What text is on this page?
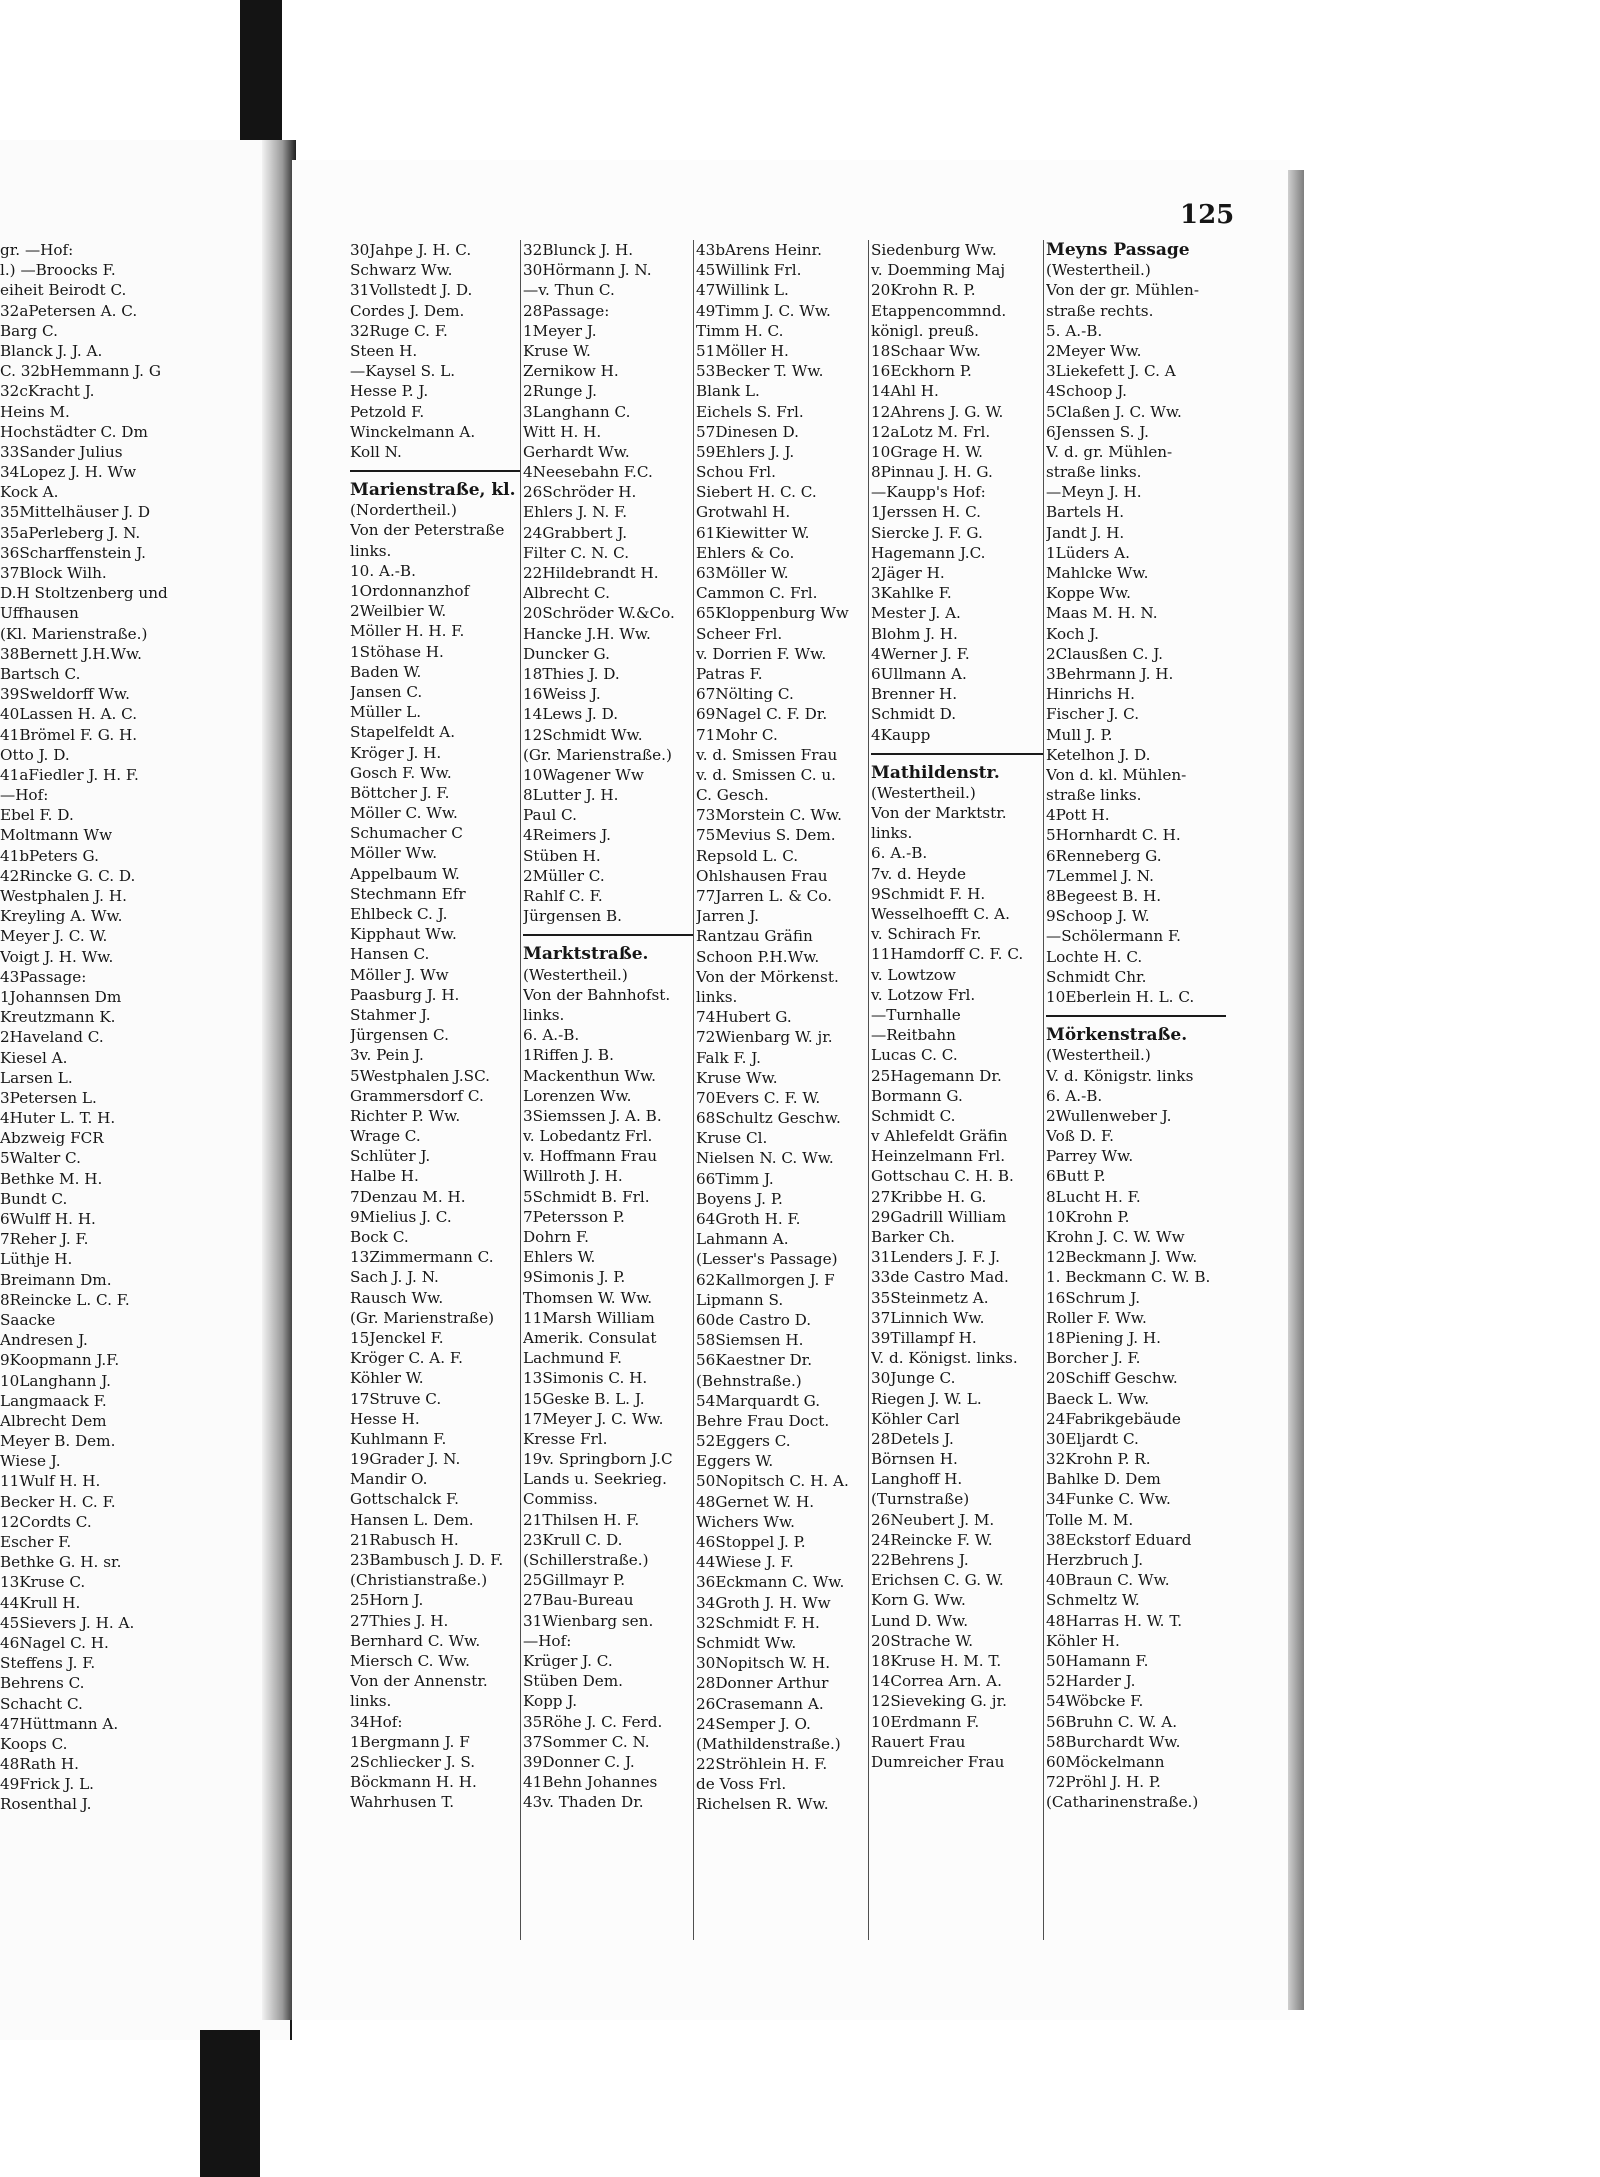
gr. —Hof:
l.) —Broocks F.
eiheit Beirodt C.
32aPetersen A. C.
Barg C.
Blanck J. J. A.
C. 32bHemmann J. G
32cKracht J.
Heins M.
Hochstädter C. Dm
33Sander Julius
34Lopez J. H. Ww
Kock A.
35Mittelhäuser J. D
35aPerleberg J. N.
36Scharffenstein J.
37Block Wilh.
D.H Stoltzenberg und
Uffhausen
(Kl. Marienstraße.)
38Bernett J.H.Ww.
Bartsch C.
39Sweldorff Ww.
40Lassen H. A. C.
41Brömel F. G. H.
Otto J. D.
41aFiedler J. H. F.
—Hof:
Ebel F. D.
Moltmann Ww
41bPeters G.
42Rincke G. C. D.
Westphalen J. H.
Kreyling A. Ww.
Meyer J. C. W.
Voigt J. H. Ww.
43Passage:
1Johannsen Dm
Kreutzmann K.
2Haveland C.
Kiesel A.
Larsen L.
3Petersen L.
4Huter L. T. H.
Abzweig FCR
5Walter C.
Bethke M. H.
Bundt C.
6Wulff H. H.
7Reher J. F.
Lüthje H.
Breimann Dm.
8Reincke L. C. F.
Saacke
Andresen J.
9Koopmann J.F.
10Langhann J.
Langmaack F.
Albrecht Dem
Meyer B. Dem.
Wiese J.
11Wulf H. H.
Becker H. C. F.
12Cordts C.
Escher F.
Bethke G. H. sr.
13Kruse C.
44Krull H.
45Sievers J. H. A.
46Nagel C. H.
Steffens J. F.
Behrens C.
Schacht C.
47Hüttmann A.
Koops C.
48Rath H.
49Frick J. L.
Rosenthal J.
125
30Jahpe J. H. C.
Schwarz Ww.
31Vollstedt J. D.
Cordes J. Dem.
32Ruge C. F.
Steen H.
—Kaysel S. L.
Hesse P. J.
Petzold F.
Winckelmann A.
Koll N.
Marienstraße, kl.
(Nordertheil.)
Von der Peterstraße
links.
10. A.-B.
1Ordonnanzhof
2Weilbier W.
Möller H. H. F.
1Stöhase H.
Baden W.
Jansen C.
Müller L.
Stapelfeldt A.
Kröger J. H.
Gosch F. Ww.
Böttcher J. F.
Möller C. Ww.
Schumacher C
Möller Ww.
Appelbaum W.
Stechmann Efr
Ehlbeck C. J.
Kipphaut Ww.
Hansen C.
Möller J. Ww
Paasburg J. H.
Stahmer J.
Jürgensen C.
3v. Pein J.
5Westphalen J.SC.
Grammersdorf C.
Richter P. Ww.
Wrage C.
Schlüter J.
Halbe H.
7Denzau M. H.
9Mielius J. C.
Bock C.
13Zimmermann C.
Sach J. J. N.
Rausch Ww.
(Gr. Marienstraße)
15Jenckel F.
Kröger C. A. F.
Köhler W.
17Struve C.
Hesse H.
Kuhlmann F.
19Grader J. N.
Mandir O.
Gottschalck F.
Hansen L. Dem.
21Rabusch H.
23Bambusch J. D. F.
(Christianstraße.)
25Horn J.
27Thies J. H.
Bernhard C. Ww.
Miersch C. Ww.
Von der Annenstr.
links.
34Hof:
1Bergmann J. F
2Schliecker J. S.
Böckmann H. H.
Wahrhusen T.
32Blunck J. H.
30Hörmann J. N.
—v. Thun C.
28Passage:
1Meyer J.
Kruse W.
Zernikow H.
2Runge J.
3Langhann C.
Witt H. H.
Gerhardt Ww.
4Neesebahn F.C.
26Schröder H.
Ehlers J. N. F.
24Grabbert J.
Filter C. N. C.
22Hildebrandt H.
Albrecht C.
20Schröder W.&Co.
Hancke J.H. Ww.
Duncker G.
18Thies J. D.
16Weiss J.
14Lews J. D.
12Schmidt Ww.
(Gr. Marienstraße.)
10Wagener Ww
8Lutter J. H.
Paul C.
4Reimers J.
Stüben H.
2Müller C.
Rahlf C. F.
Jürgensen B.
Marktstraße.
(Westertheil.)
Von der Bahnhofst.
links.
6. A.-B.
1Riffen J. B.
Mackenthun Ww.
Lorenzen Ww.
3Siemssen J. A. B.
v. Lobedantz Frl.
v. Hoffmann Frau
Willroth J. H.
5Schmidt B. Frl.
7Petersson P.
Dohrn F.
Ehlers W.
9Simonis J. P.
Thomsen W. Ww.
11Marsh William
Amerik. Consulat
Lachmund F.
13Simonis C. H.
15Geske B. L. J.
17Meyer J. C. Ww.
Kresse Frl.
19v. Springborn J.C
Lands u. Seekrieg.
Commiss.
21Thilsen H. F.
23Krull C. D.
(Schillerstraße.)
25Gillmayr P.
27Bau-Bureau
31Wienbarg sen.
—Hof:
Krüger J. C.
Stüben Dem.
Kopp J.
35Röhe J. C. Ferd.
37Sommer C. N.
39Donner C. J.
41Behn Johannes
43v. Thaden Dr.
43bArens Heinr.
45Willink Frl.
47Willink L.
49Timm J. C. Ww.
Timm H. C.
51Möller H.
53Becker T. Ww.
Blank L.
Eichels S. Frl.
57Dinesen D.
59Ehlers J. J.
Schou Frl.
Siebert H. C. C.
Grotwahl H.
61Kiewitter W.
Ehlers & Co.
63Möller W.
Cammon C. Frl.
65Kloppenburg Ww
Scheer Frl.
v. Dorrien F. Ww.
Patras F.
67Nölting C.
69Nagel C. F. Dr.
71Mohr C.
v. d. Smissen Frau
v. d. Smissen C. u.
C. Gesch.
73Morstein C. Ww.
75Mevius S. Dem.
Repsold L. C.
Ohlshausen Frau
77Jarren L. & Co.
Jarren J.
Rantzau Gräfin
Schoon P.H.Ww.
Von der Mörkenst.
links.
74Hubert G.
72Wienbarg W. jr.
Falk F. J.
Kruse Ww.
70Evers C. F. W.
68Schultz Geschw.
Kruse Cl.
Nielsen N. C. Ww.
66Timm J.
Boyens J. P.
64Groth H. F.
Lahmann A.
(Lesser's Passage)
62Kallmorgen J. F
Lipmann S.
60de Castro D.
58Siemsen H.
56Kaestner Dr.
(Behnstraße.)
54Marquardt G.
Behre Frau Doct.
52Eggers C.
Eggers W.
50Nopitsch C. H. A.
48Gernet W. H.
Wichers Ww.
46Stoppel J. P.
44Wiese J. F.
36Eckmann C. Ww.
34Groth J. H. Ww
32Schmidt F. H.
Schmidt Ww.
30Nopitsch W. H.
28Donner Arthur
26Crasemann A.
24Semper J. O.
(Mathildenstraße.)
22Ströhlein H. F.
de Voss Frl.
Richelsen R. Ww.
Siedenburg Ww.
v. Doemming Maj
20Krohn R. P.
Etappencommnd.
königl. preuß.
18Schaar Ww.
16Eckhorn P.
14Ahl H.
12Ahrens J. G. W.
12aLotz M. Frl.
10Grage H. W.
8Pinnau J. H. G.
—Kaupp's Hof:
1Jerssen H. C.
Siercke J. F. G.
Hagemann J.C.
2Jäger H.
3Kahlke F.
Mester J. A.
Blohm J. H.
4Werner J. F.
6Ullmann A.
Brenner H.
Schmidt D.
4Kaupp
Mathildenstr.
(Westertheil.)
Von der Marktstr.
links.
6. A.-B.
7v. d. Heyde
9Schmidt F. H.
Wesselhoefft C. A.
v. Schirach Fr.
11Hamdorff C. F. C.
v. Lowtzow
v. Lotzow Frl.
—Turnhalle
—Reitbahn
Lucas C. C.
25Hagemann Dr.
Bormann G.
Schmidt C.
v Ahlefeldt Gräfin
Heinzelmann Frl.
Gottschau C. H. B.
27Kribbe H. G.
29Gadrill William
Barker Ch.
31Lenders J. F. J.
33de Castro Mad.
35Steinmetz A.
37Linnich Ww.
39Tillampf H.
V. d. Königst. links.
30Junge C.
Riegen J. W. L.
Köhler Carl
28Detels J.
Börnsen H.
Langhoff H.
(Turnstraße)
26Neubert J. M.
24Reincke F. W.
22Behrens J.
Erichsen C. G. W.
Korn G. Ww.
Lund D. Ww.
20Strache W.
18Kruse H. M. T.
14Correa Arn. A.
12Sieveking G. jr.
10Erdmann F.
Rauert Frau
Dumreicher Frau
Meyns Passage
(Westertheil.)
Von der gr. Mühlen-
straße rechts.
5. A.-B.
2Meyer Ww.
3Liekefett J. C. A
4Schoop J.
5Claßen J. C. Ww.
6Jenssen S. J.
V. d. gr. Mühlen-
straße links.
—Meyn J. H.
Bartels H.
Jandt J. H.
1Lüders A.
Mahlcke Ww.
Koppe Ww.
Maas M. H. N.
Koch J.
2Clausßen C. J.
3Behrmann J. H.
Hinrichs H.
Fischer J. C.
Mull J. P.
Ketelhon J. D.
Von d. kl. Mühlen-
straße links.
4Pott H.
5Hornhardt C. H.
6Renneberg G.
7Lemmel J. N.
8Begeest B. H.
9Schoop J. W.
—Schölermann F.
Lochte H. C.
Schmidt Chr.
10Eberlein H. L. C.
Mörkenstraße.
(Westertheil.)
V. d. Königstr. links
6. A.-B.
2Wullenweber J.
Voß D. F.
Parrey Ww.
6Butt P.
8Lucht H. F.
10Krohn P.
Krohn J. C. W. Ww
12Beckmann J. Ww.
1. Beckmann C. W. B.
16Schrum J.
Roller F. Ww.
18Piening J. H.
Borcher J. F.
20Schiff Geschw.
Baeck L. Ww.
24Fabrikgebäude
30Eljardt C.
32Krohn P. R.
Bahlke D. Dem
34Funke C. Ww.
Tolle M. M.
38Eckstorf Eduard
Herzbruch J.
40Braun C. Ww.
Schmeltz W.
48Harras H. W. T.
Köhler H.
50Hamann F.
52Harder J.
54Wöbcke F.
56Bruhn C. W. A.
58Burchardt Ww.
60Möckelmann
72Pröhl J. H. P.
(Catharinenstraße.)
